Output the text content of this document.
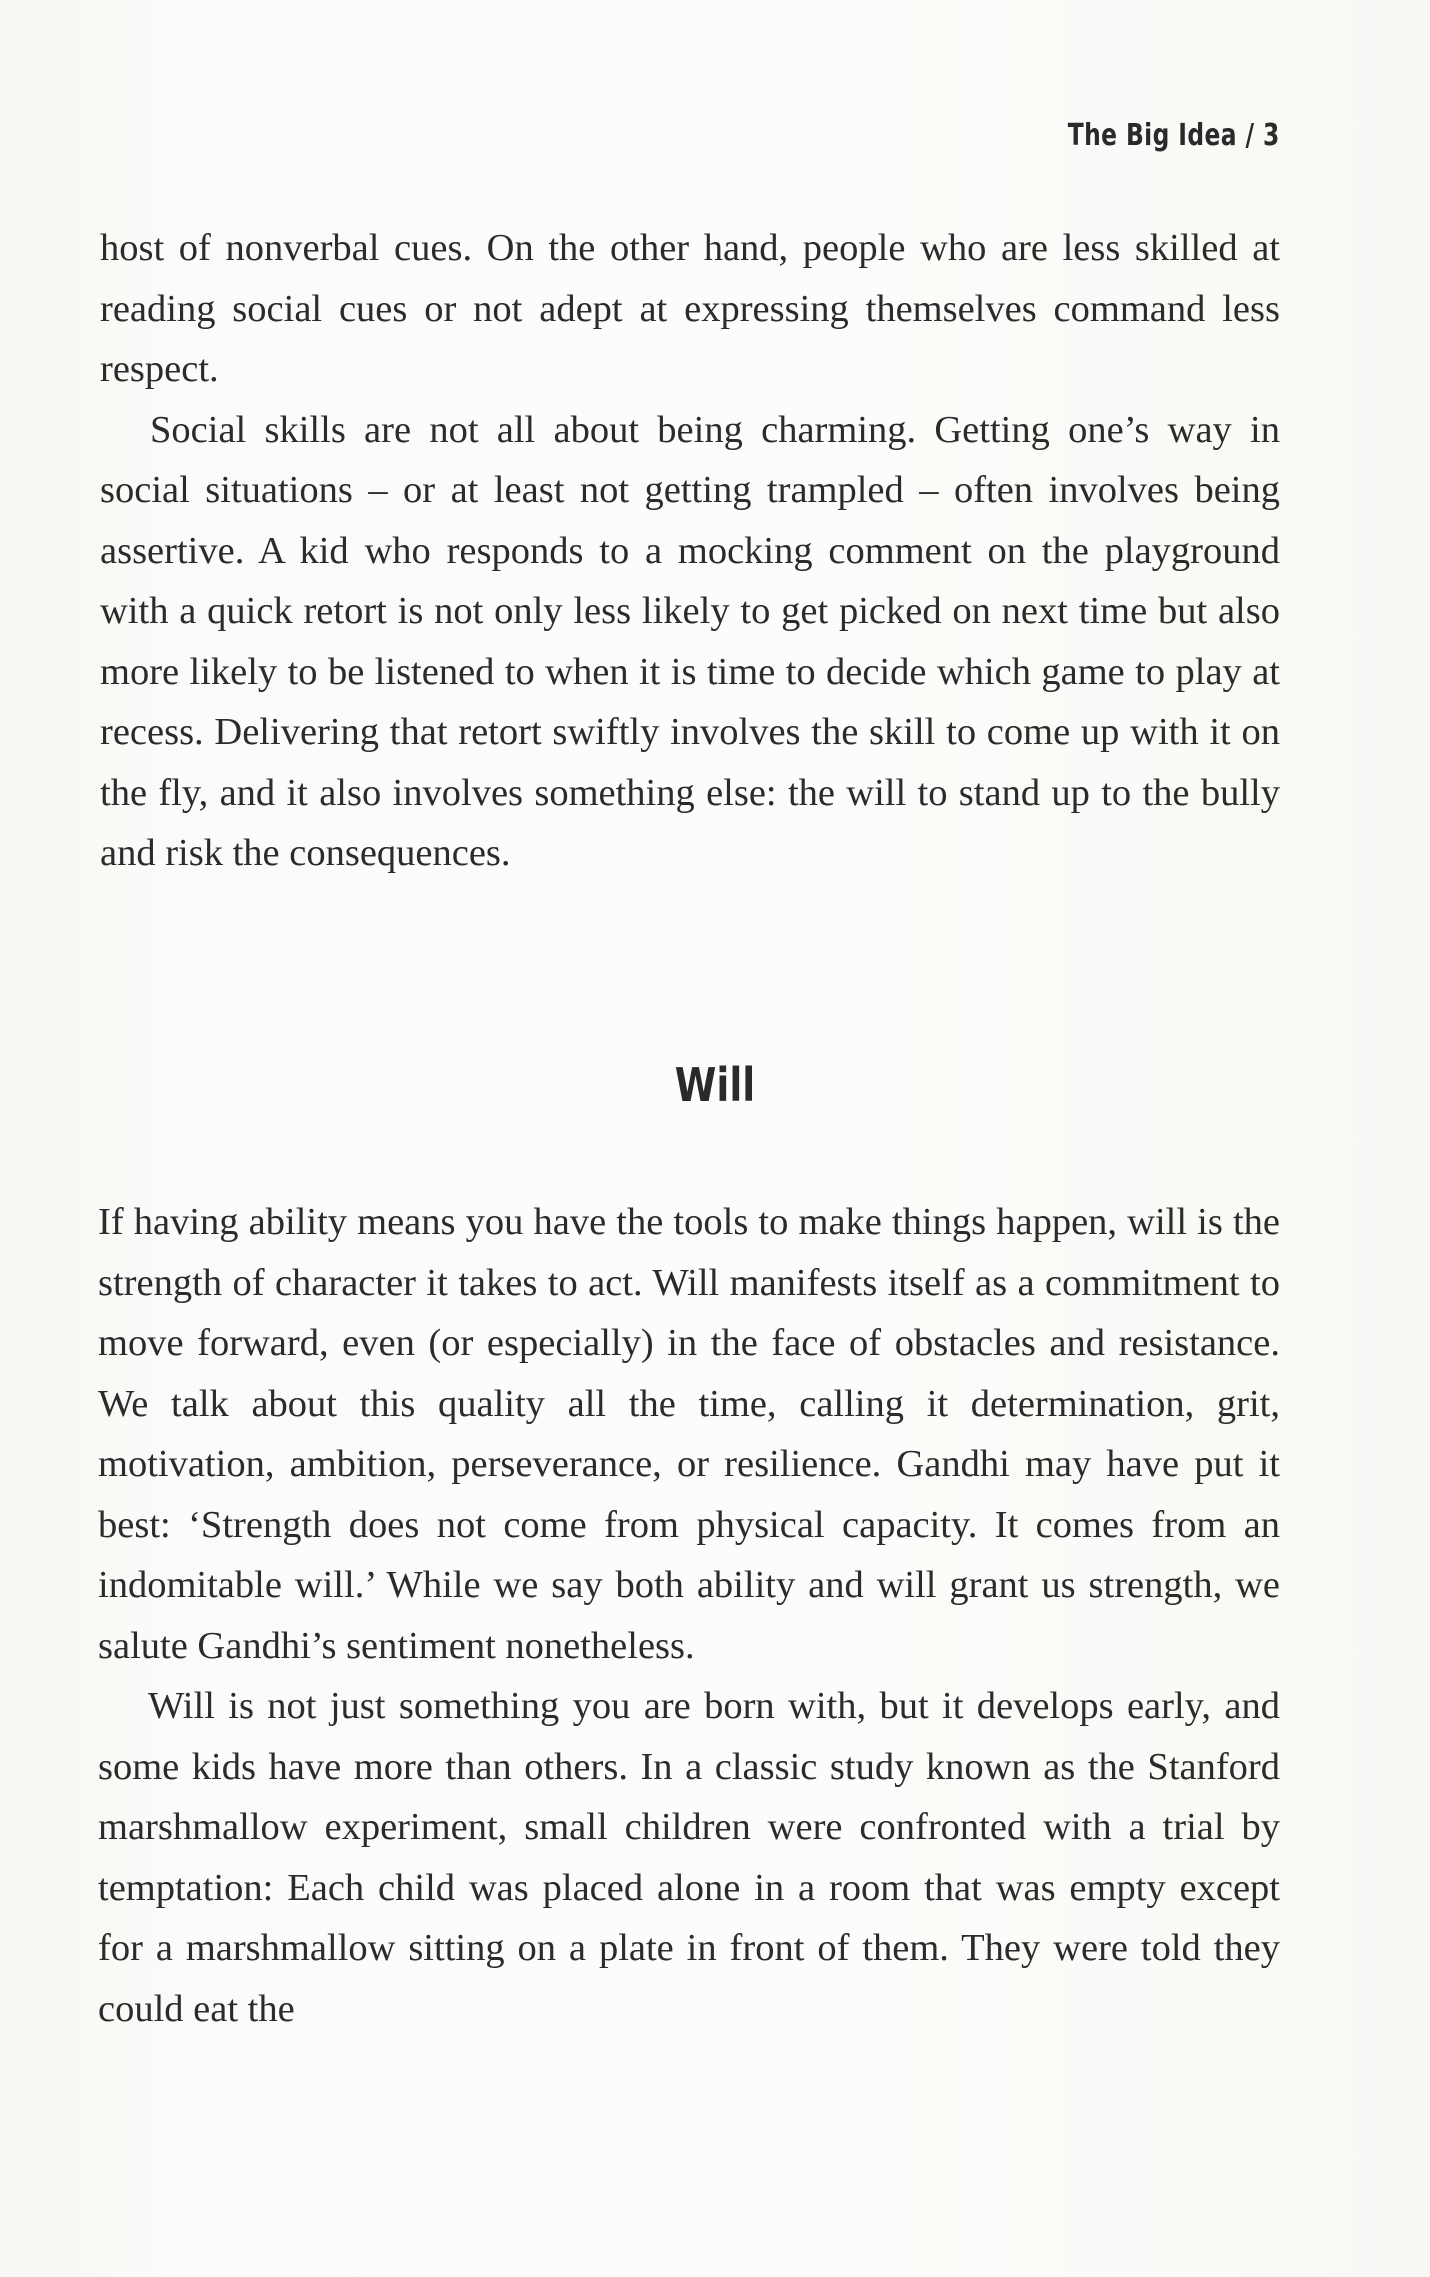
The Big Idea / 3

host of nonverbal cues. On the other hand, people who are less skilled at reading social cues or not adept at expressing themselves command less respect.

Social skills are not all about being charming. Getting one’s way in social situations – or at least not getting trampled – often involves being assertive. A kid who responds to a mocking comment on the playground with a quick retort is not only less likely to get picked on next time but also more likely to be listened to when it is time to decide which game to play at recess. Delivering that retort swiftly involves the skill to come up with it on the fly, and it also involves something else: the will to stand up to the bully and risk the consequences.

Will

If having ability means you have the tools to make things happen, will is the strength of character it takes to act. Will manifests itself as a commitment to move forward, even (or especially) in the face of obstacles and resistance. We talk about this quality all the time, calling it determination, grit, motivation, ambition, perseverance, or resilience. Gandhi may have put it best: ‘Strength does not come from physical capacity. It comes from an indomitable will.’ While we say both ability and will grant us strength, we salute Gandhi’s sentiment nonetheless.

Will is not just something you are born with, but it develops early, and some kids have more than others. In a classic study known as the Stanford marshmallow experiment, small children were confronted with a trial by temptation: Each child was placed alone in a room that was empty except for a marshmallow sitting on a plate in front of them. They were told they could eat the
